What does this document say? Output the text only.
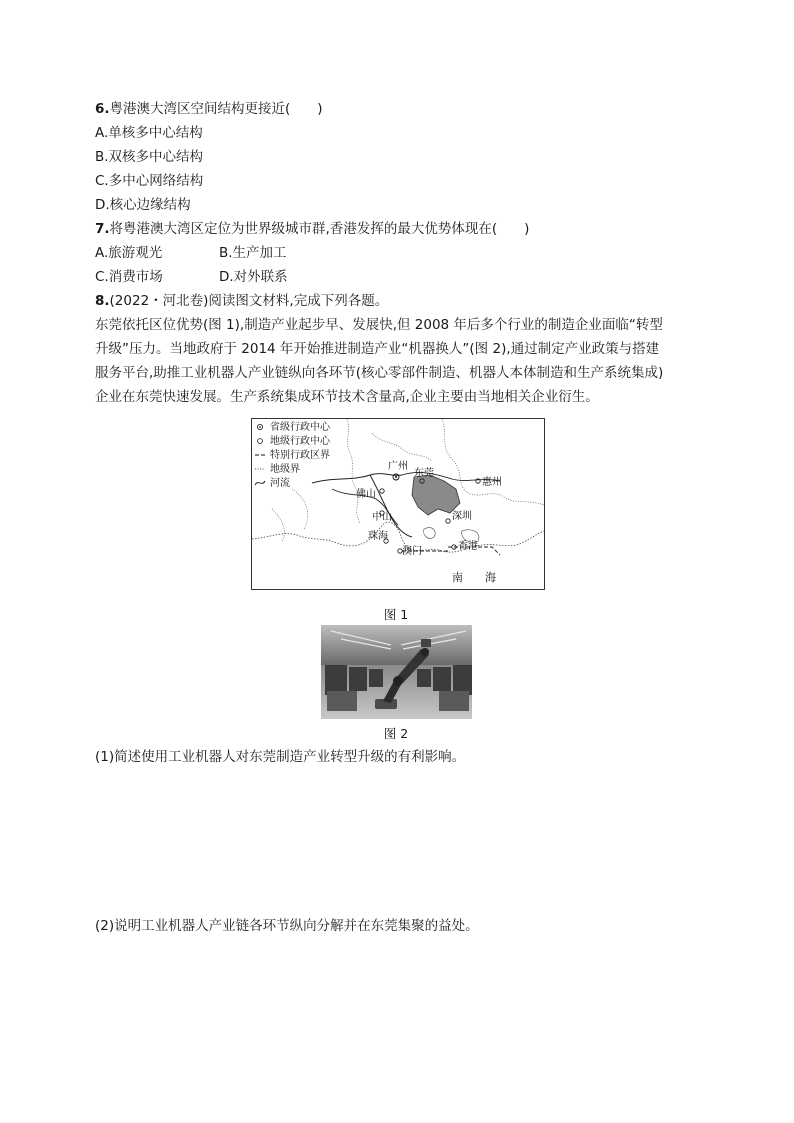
6.粤港澳大湾区空间结构更接近(　　)
A.单核多中心结构
B.双核多中心结构
C.多中心网络结构
D.核心边缘结构
7.将粤港澳大湾区定位为世界级城市群,香港发挥的最大优势体现在(　　)
A.旅游观光	B.生产加工
C.消费市场	D.对外联系
8.(2022・河北卷)阅读图文材料,完成下列各题。
东莞依托区位优势(图 1),制造产业起步早、发展快,但 2008 年后多个行业的制造企业面临“转型
升级”压力。当地政府于 2014 年开始推进制造产业“机器换人”(图 2),通过制定产业政策与搭建
服务平台,助推工业机器人产业链纵向各环节(核心零部件制造、机器人本体制造和生产系统集成)
企业在东莞快速发展。生产系统集成环节技术含量高,企业主要由当地相关企业衍生。
省级行政中心
地级行政中心
特别行政区界
地级界
河流
广州
东莞
惠州
佛山
中山	深圳
珠海
澳门	香港
南　　海
图 1
图 2
(1)简述使用工业机器人对东莞制造产业转型升级的有利影响。
(2)说明工业机器人产业链各环节纵向分解并在东莞集聚的益处。
